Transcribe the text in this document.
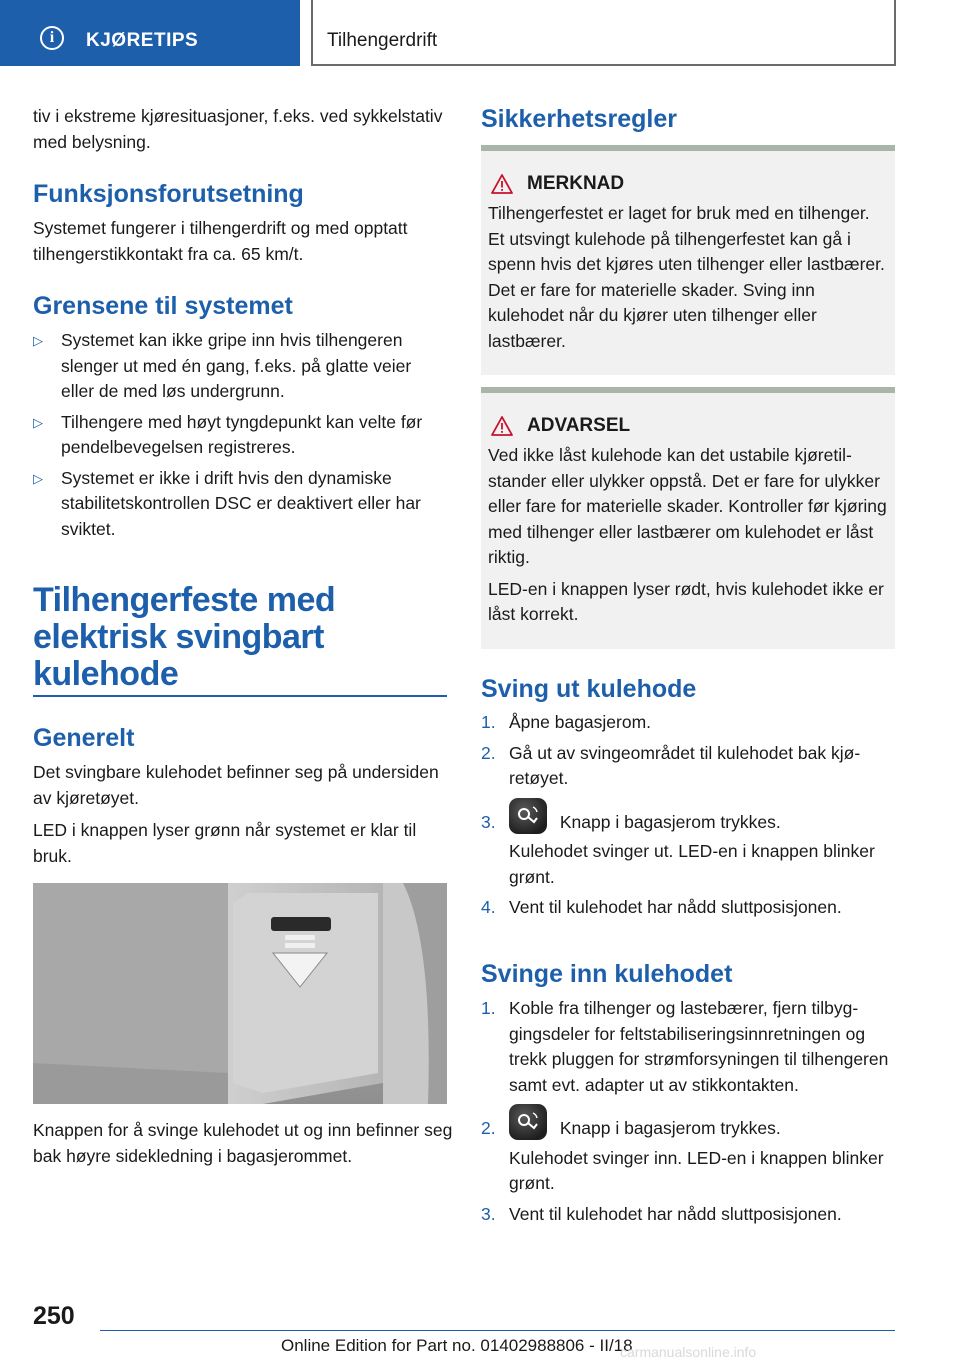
i	KJØRETIPS	Tilhengerdrift
tiv i ekstreme kjøresituasjoner, f.eks. ved sykkelstativ med belysning.
Funksjonsforutsetning
Systemet fungerer i tilhengerdrift og med opptatt tilhengerstikkontakt fra ca. 65 km/t.
Grensene til systemet
▷ Systemet kan ikke gripe inn hvis tilhengeren slenger ut med én gang, f.eks. på glatte veier eller de med løs undergrunn.
▷ Tilhengere med høyt tyngdepunkt kan velte før pendelbevegelsen registreres.
▷ Systemet er ikke i drift hvis den dynamiske stabilitetskontrollen DSC er deaktivert eller har sviktet.
Tilhengerfeste med
elektrisk svingbart
kulehode
Generelt
Det svingbare kulehodet befinner seg på undersiden av kjøretøyet.
LED i knappen lyser grønn når systemet er klar til bruk.
Knappen for å svinge kulehodet ut og inn befinner seg bak høyre sidekledning i bagasjerommet.
Sikkerhetsregler
MERKNAD
Tilhengerfestet er laget for bruk med en tilhenger. Et utsvingt kulehode på tilhengerfestet kan gå i spenn hvis det kjøres uten tilhenger eller lastbærer. Det er fare for materielle skader. Sving inn kulehodet når du kjører uten tilhenger eller lastbærer.
ADVARSEL
Ved ikke låst kulehode kan det ustabile kjøretilstander eller ulykker oppstå. Det er fare for ulykker eller fare for materielle skader. Kontroller før kjøring med tilhenger eller lastbærer om kulehodet er låst riktig.
LED-en i knappen lyser rødt, hvis kulehodet ikke er låst korrekt.
Sving ut kulehode
1. Åpne bagasjerom.
2. Gå ut av svingeområdet til kulehodet bak kjøretøyet.
3.	Knapp i bagasjerom trykkes.
Kulehodet svinger ut. LED-en i knappen blinker grønt.
4. Vent til kulehodet har nådd sluttposisjonen.
Svinge inn kulehodet
1. Koble fra tilhenger og lastebærer, fjern tilbyggingsdeler for feltstabiliseringsinnretningen og trekk pluggen for strømforsyningen til tilhengeren samt evt. adapter ut av stikkontakten.
2.	Knapp i bagasjerom trykkes.
Kulehodet svinger inn. LED-en i knappen blinker grønt.
3. Vent til kulehodet har nådd sluttposisjonen.
250
Online Edition for Part no. 01402988806 - II/18
carmanualsonline.info
